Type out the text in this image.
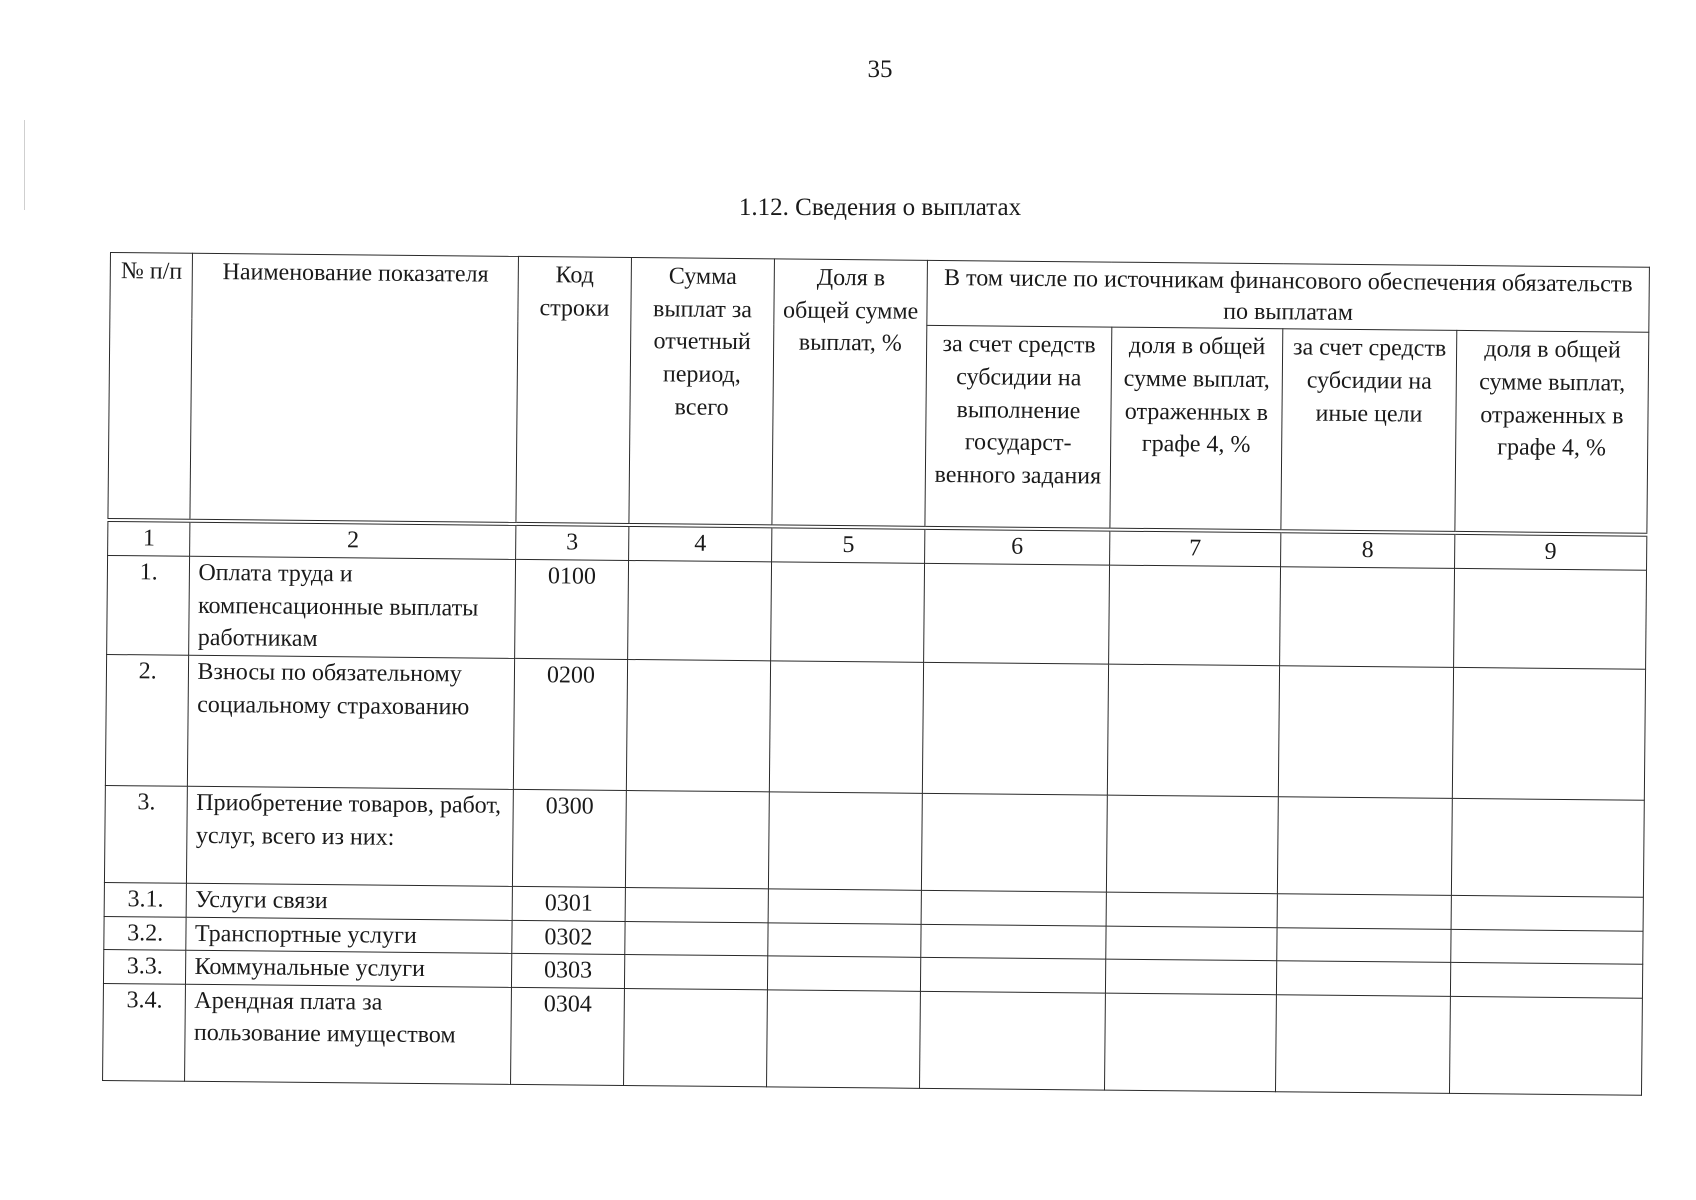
35
1.12. Сведения о выплатах
№ п/п	Наименование показателя	Код строки	Сумма выплат за отчетный период, всего	Доля в общей сумме выплат, %	В том числе по источникам финансового обеспечения обязательств по выплатам			
					за счет средств субсидии на выполнение государст-венного задания	доля в общей сумме выплат, отраженных в графе 4, %	за счет средств субсидии на иные цели	доля в общей сумме выплат, отраженных в графе 4, %
1	2	3	4	5	6	7	8	9
1.	Оплата труда и компенсационные выплаты работникам	0100						
2.	Взносы по обязательному социальному страхованию	0200						
3.	Приобретение товаров, работ, услуг, всего из них:	0300						
3.1.	Услуги связи	0301						
3.2.	Транспортные услуги	0302						
3.3.	Коммунальные услуги	0303						
3.4.	Арендная плата за пользование имуществом	0304						
